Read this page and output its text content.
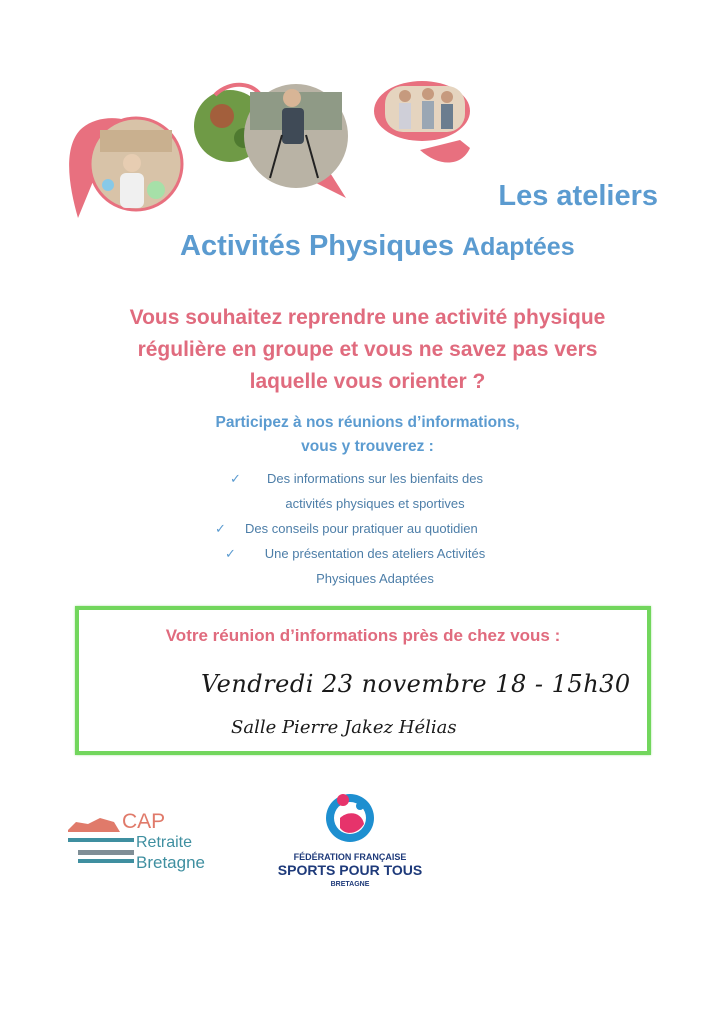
Les ateliers
Activités Physiques Adaptées
Vous souhaitez reprendre une activité physique
régulière en groupe et vous ne savez pas vers
laquelle vous orienter ?
Participez à nos réunions d’informations,
vous y trouverez :
✓	Des informations sur les bienfaits des
activités physiques et sportives
✓	Des conseils pour pratiquer au quotidien
✓	Une présentation des ateliers Activités
Physiques Adaptées
Votre réunion d’informations près de chez vous :
Vendredi 23 novembre 18 - 15h30
Salle Pierre Jakez Hélias
CAP
Retraite
Bretagne	FÉDÉRATION FRANÇAISE
SPORTS POUR TOUS
BRETAGNE
